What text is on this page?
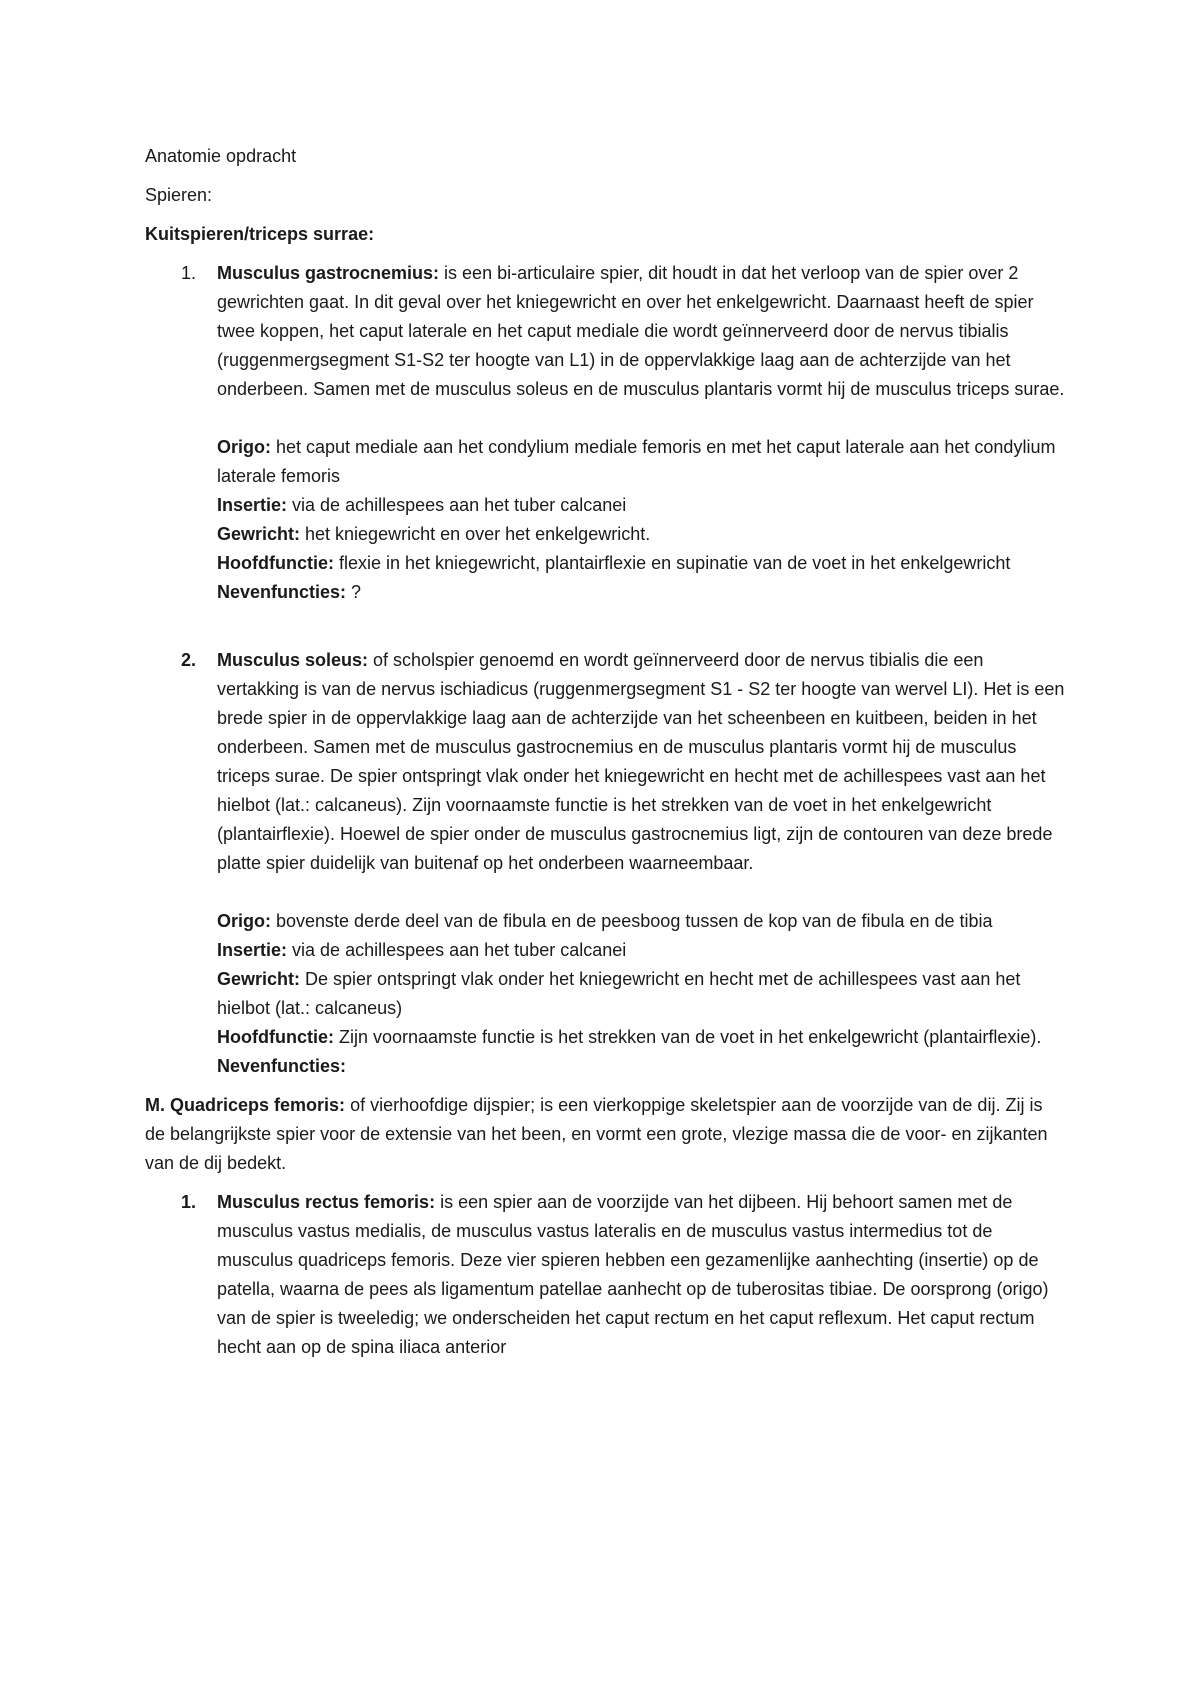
Anatomie opdracht

Spieren:

Kuitspieren/triceps surrae:

1. Musculus gastrocnemius: is een bi-articulaire spier, dit houdt in dat het verloop van de spier over 2 gewrichten gaat. In dit geval over het kniegewricht en over het enkelgewricht. Daarnaast heeft de spier twee koppen, het caput laterale en het caput mediale die wordt geïnnerveerd door de nervus tibialis (ruggenmergsegment S1-S2 ter hoogte van L1) in de oppervlakkige laag aan de achterzijde van het onderbeen. Samen met de musculus soleus en de musculus plantaris vormt hij de musculus triceps surae.

Origo: het caput mediale aan het condylium mediale femoris en met het caput laterale aan het condylium laterale femoris
Insertie: via de achillespees aan het tuber calcanei
Gewricht: het kniegewricht en over het enkelgewricht.
Hoofdfunctie: flexie in het kniegewricht, plantairflexie en supinatie van de voet in het enkelgewricht
Nevenfuncties: ?
2. Musculus soleus: of scholspier genoemd en wordt geïnnerveerd door de nervus tibialis die een vertakking is van de nervus ischiadicus (ruggenmergsegment S1 - S2 ter hoogte van wervel LI). Het is een brede spier in de oppervlakkige laag aan de achterzijde van het scheenbeen en kuitbeen, beiden in het onderbeen. Samen met de musculus gastrocnemius en de musculus plantaris vormt hij de musculus triceps surae. De spier ontspringt vlak onder het kniegewricht en hecht met de achillespees vast aan het hielbot (lat.: calcaneus). Zijn voornaamste functie is het strekken van de voet in het enkelgewricht (plantairflexie). Hoewel de spier onder de musculus gastrocnemius ligt, zijn de contouren van deze brede platte spier duidelijk van buitenaf op het onderbeen waarneembaar.

Origo: bovenste derde deel van de fibula en de peesboog tussen de kop van de fibula en de tibia
Insertie: via de achillespees aan het tuber calcanei
Gewricht: De spier ontspringt vlak onder het kniegewricht en hecht met de achillespees vast aan het hielbot (lat.: calcaneus)
Hoofdfunctie: Zijn voornaamste functie is het strekken van de voet in het enkelgewricht (plantairflexie).
Nevenfuncties:

M. Quadriceps femoris: of vierhoofdige dijspier; is een vierkoppige skeletspier aan de voorzijde van de dij. Zij is de belangrijkste spier voor de extensie van het been, en vormt een grote, vlezige massa die de voor- en zijkanten van de dij bedekt.

1. Musculus rectus femoris: is een spier aan de voorzijde van het dijbeen. Hij behoort samen met de musculus vastus medialis, de musculus vastus lateralis en de musculus vastus intermedius tot de musculus quadriceps femoris. Deze vier spieren hebben een gezamenlijke aanhechting (insertie) op de patella, waarna de pees als ligamentum patellae aanhecht op de tuberositas tibiae. De oorsprong (origo) van de spier is tweeledig; we onderscheiden het caput rectum en het caput reflexum. Het caput rectum hecht aan op de spina iliaca anterior
